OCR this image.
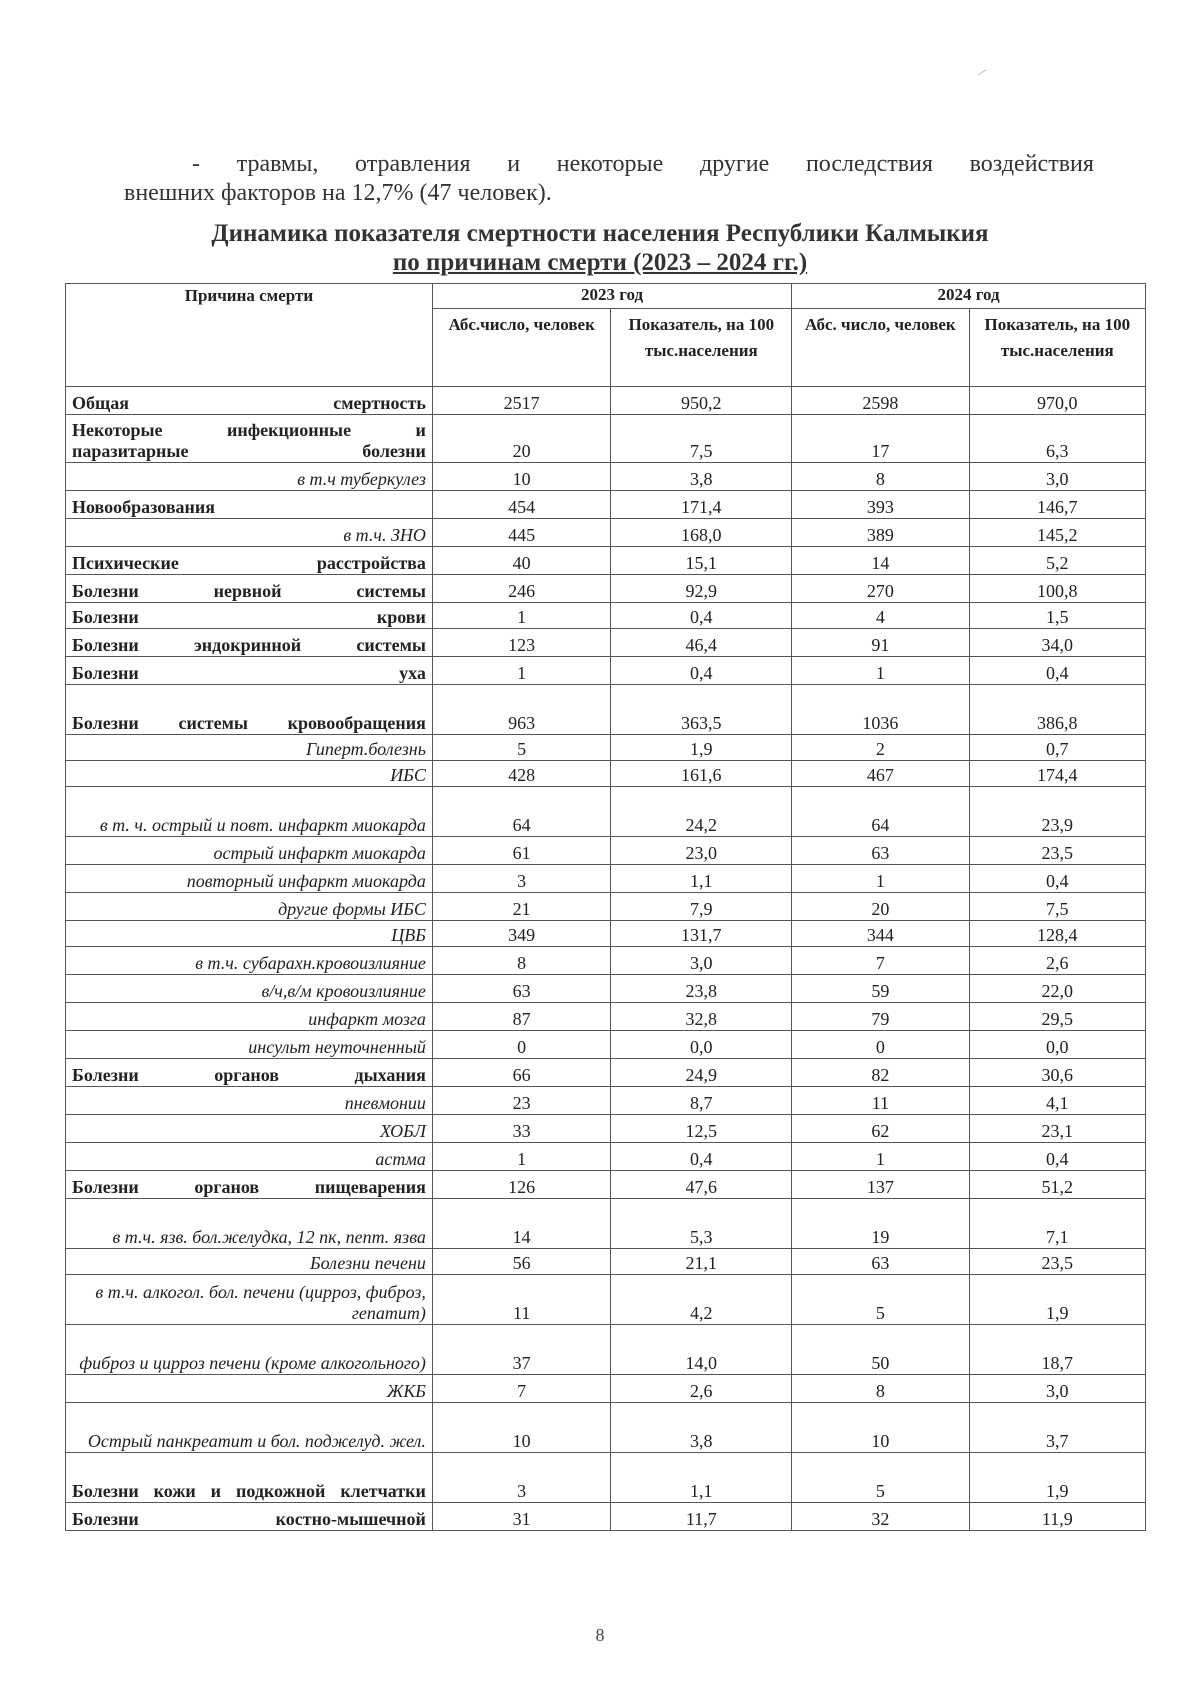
- травмы, отравления и некоторые другие последствия воздействия
внешних факторов на 12,7% (47 человек).
Динамика показателя смертности населения Республики Калмыкия
по причинам смерти (2023 – 2024 гг.)
Причина смерти	2023 год		2024 год	
	Абс.число, человек	Показатель, на 100 тыс.населения	Абс. число, человек	Показатель, на 100 тыс.населения
Общая смертность	2517	950,2	2598	970,0
Некоторые инфекционные и паразитарные болезни	20	7,5	17	6,3
в т.ч туберкулез	10	3,8	8	3,0
Новообразования	454	171,4	393	146,7
в т.ч. ЗНО	445	168,0	389	145,2
Психические расстройства	40	15,1	14	5,2
Болезни нервной системы	246	92,9	270	100,8
Болезни крови	1	0,4	4	1,5
Болезни эндокринной системы	123	46,4	91	34,0
Болезни уха	1	0,4	1	0,4
Болезни системы кровообращения	963	363,5	1036	386,8
Гиперт.болезнь	5	1,9	2	0,7
ИБС	428	161,6	467	174,4
в т. ч. острый и повт. инфаркт миокарда	64	24,2	64	23,9
острый инфаркт миокарда	61	23,0	63	23,5
повторный инфаркт миокарда	3	1,1	1	0,4
другие формы ИБС	21	7,9	20	7,5
ЦВБ	349	131,7	344	128,4
в т.ч. субарахн.кровоизлияние	8	3,0	7	2,6
в/ч,в/м кровоизлияние	63	23,8	59	22,0
инфаркт мозга	87	32,8	79	29,5
инсульт неуточненный	0	0,0	0	0,0
Болезни органов дыхания	66	24,9	82	30,6
пневмонии	23	8,7	11	4,1
ХОБЛ	33	12,5	62	23,1
астма	1	0,4	1	0,4
Болезни органов пищеварения	126	47,6	137	51,2
в т.ч. язв. бол.желудка, 12 пк, пепт. язва	14	5,3	19	7,1
Болезни печени	56	21,1	63	23,5
в т.ч. алкогол. бол. печени (цирроз, фиброз, гепатит)	11	4,2	5	1,9
фиброз и цирроз печени (кроме алкогольного)	37	14,0	50	18,7
ЖКБ	7	2,6	8	3,0
Острый панкреатит и бол. поджелуд. жел.	10	3,8	10	3,7
Болезни кожи и подкожной клетчатки	3	1,1	5	1,9
Болезни костно-мышечной	31	11,7	32	11,9
8
